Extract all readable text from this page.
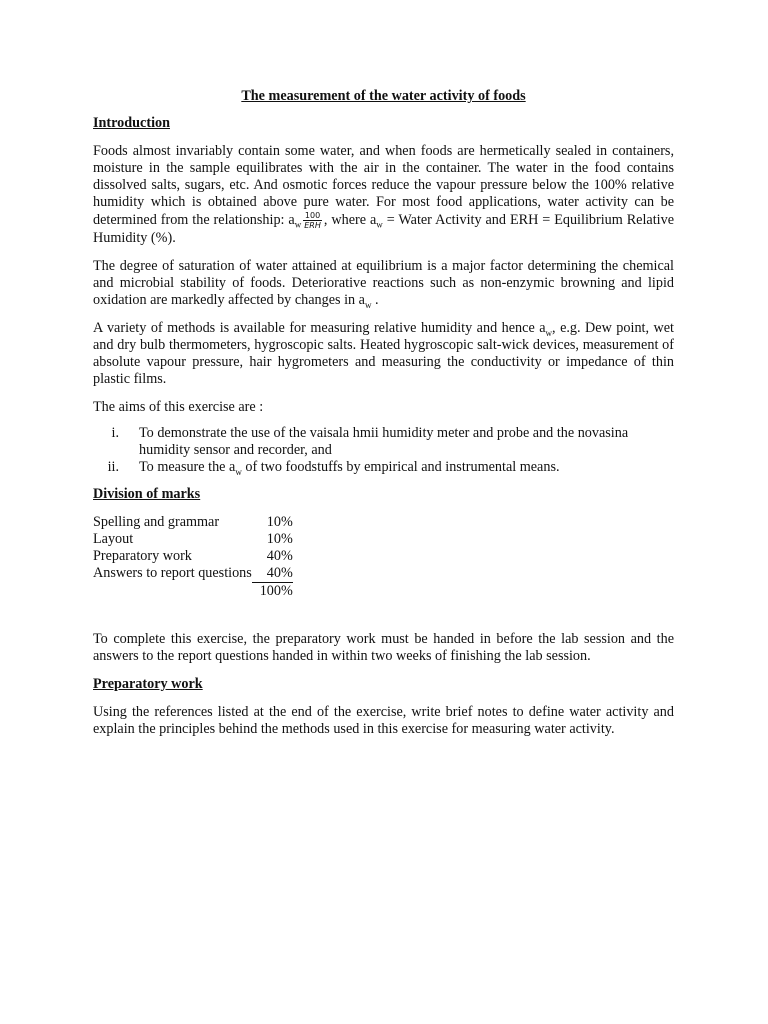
The measurement of the water activity of foods

Introduction

Foods almost invariably contain some water, and when foods are hermetically sealed in containers, moisture in the sample equilibrates with the air in the container. The water in the food contains dissolved salts, sugars, etc. And osmotic forces reduce the vapour pressure below the 100% relative humidity which is obtained above pure water. For most food applications, water activity can be determined from the relationship: $a_w \frac{100}{\text{ERH}}$ , where $a_w$ = Water Activity and ERH = Equilibrium Relative Humidity (%).

The degree of saturation of water attained at equilibrium is a major factor determining the chemical and microbial stability of foods. Deteriorative reactions such as non-enzymic browning and lipid oxidation are markedly affected by changes in $a_w$ .

A variety of methods is available for measuring relative humidity and hence $a_w$, e.g. Dew point, wet and dry bulb thermometers, hygroscopic salts. Heated hygroscopic salt-wick devices, measurement of absolute vapour pressure, hair hygrometers and measuring the conductivity or impedance of thin plastic films.

The aims of this exercise are :

i. To demonstrate the use of the vaisala hmii humidity meter and probe and the novasina humidity sensor and recorder, and
ii. To measure the $a_w$ of two foodstuffs by empirical and instrumental means.

Division of marks

Spelling and grammar	10%
Layout	10%
Preparatory work	40%
Answers to report questions	40%
	100%

To complete this exercise, the preparatory work must be handed in before the lab session and the answers to the report questions handed in within two weeks of finishing the lab session.

Preparatory work

Using the references listed at the end of the exercise, write brief notes to define water activity and explain the principles behind the methods used in this exercise for measuring water activity.
